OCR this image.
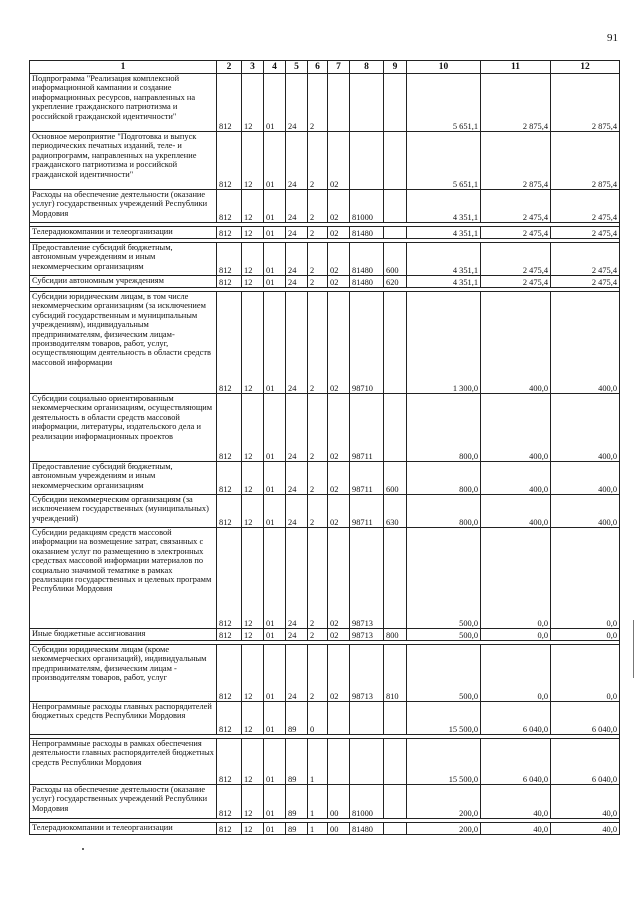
91
1	2	3	4	5	6	7	8	9	10	11	12
Подпрограмма "Реализация комплексной информационной кампании и создание информационных ресурсов, направленных на укрепление гражданского патриотизма и российской гражданской идентичности"	812	12	01	24	2				5 651,1	2 875,4	2 875,4
Основное мероприятие "Подготовка и выпуск периодических печатных изданий, теле- и радиопрограмм, направленных на укрепление гражданского патриотизма и российской гражданской идентичности"	812	12	01	24	2	02			5 651,1	2 875,4	2 875,4
Расходы на обеспечение деятельности (оказание услуг) государственных учреждений Республики Мордовия	812	12	01	24	2	02	81000		4 351,1	2 475,4	2 475,4

Телерадиокомпании и телеорганизации	812	12	01	24	2	02	81480		4 351,1	2 475,4	2 475,4

Предоставление субсидий бюджетным, автономным учреждениям и иным некоммерческим организациям	812	12	01	24	2	02	81480	600	4 351,1	2 475,4	2 475,4
Субсидии автономным учреждениям	812	12	01	24	2	02	81480	620	4 351,1	2 475,4	2 475,4

Субсидии юридическим лицам, в том числе некоммерческим организациям (за исключением субсидий государственным и муниципальным учреждениям), индивидуальным предпринимателям, физическим лицам- производителям товаров, работ, услуг, осуществляющим деятельность в области средств массовой информации	812	12	01	24	2	02	98710		1 300,0	400,0	400,0
Субсидии социально ориентированным некоммерческим организациям, осуществляющим деятельность в области средств массовой информации, литературы, издательского дела и реализации информационных проектов	812	12	01	24	2	02	98711		800,0	400,0	400,0
Предоставление субсидий бюджетным, автономным учреждениям и иным некоммерческим организациям	812	12	01	24	2	02	98711	600	800,0	400,0	400,0
Субсидии некоммерческим организациям (за исключением государственных (муниципальных) учреждений)	812	12	01	24	2	02	98711	630	800,0	400,0	400,0
Субсидии редакциям средств массовой информации на возмещение затрат, связанных с оказанием услуг по размещению в электронных средствах массовой информации материалов по социально значимой тематике в рамках реализации государственных и целевых программ Республики Мордовия	812	12	01	24	2	02	98713		500,0	0,0	0,0
Иные бюджетные ассигнования	812	12	01	24	2	02	98713	800	500,0	0,0	0,0

Субсидии юридическим лицам (кроме некоммерческих организаций), индивидуальным предпринимателям, физическим лицам - производителям товаров, работ, услуг	812	12	01	24	2	02	98713	810	500,0	0,0	0,0
Непрограммные расходы главных распорядителей бюджетных средств Республики Мордовия	812	12	01	89	0				15 500,0	6 040,0	6 040,0

Непрограммные расходы в рамках обеспечения деятельности главных распорядителей бюджетных средств Республики Мордовия	812	12	01	89	1				15 500,0	6 040,0	6 040,0
Расходы на обеспечение деятельности (оказание услуг) государственных учреждений Республики Мордовия	812	12	01	89	1	00	81000		200,0	40,0	40,0

Телерадиокомпании и телеорганизации	812	12	01	89	1	00	81480		200,0	40,0	40,0
